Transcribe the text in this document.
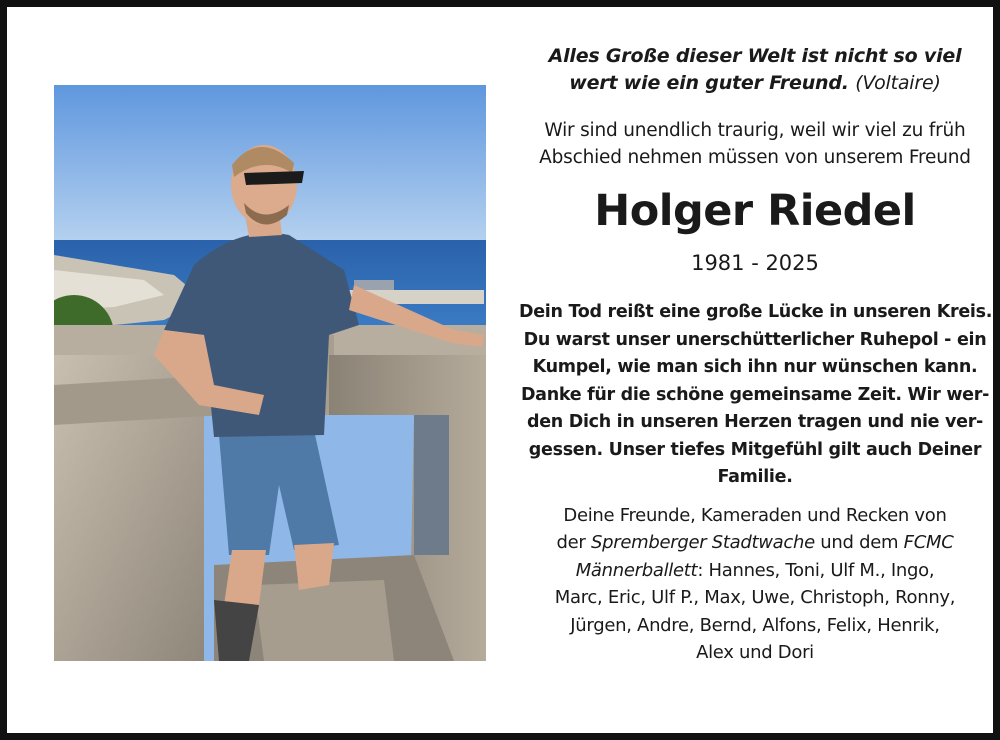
Alles Große dieser Welt ist nicht so viel
wert wie ein guter Freund. (Voltaire)

Wir sind unendlich traurig, weil wir viel zu früh
Abschied nehmen müssen von unserem Freund
Holger Riedel
1981 - 2025
Dein Tod reißt eine große Lücke in unseren Kreis.
Du warst unser unerschütterlicher Ruhepol - ein
Kumpel, wie man sich ihn nur wünschen kann.
Danke für die schöne gemeinsame Zeit. Wir wer-
den Dich in unseren Herzen tragen und nie ver-
gessen. Unser tiefes Mitgefühl gilt auch Deiner
Familie.
Deine Freunde, Kameraden und Recken von
der Spremberger Stadtwache und dem FCMC
Männerballett: Hannes, Toni, Ulf M., Ingo,
Marc, Eric, Ulf P., Max, Uwe, Christoph, Ronny,
Jürgen, Andre, Bernd, Alfons, Felix, Henrik,
Alex und Dori
